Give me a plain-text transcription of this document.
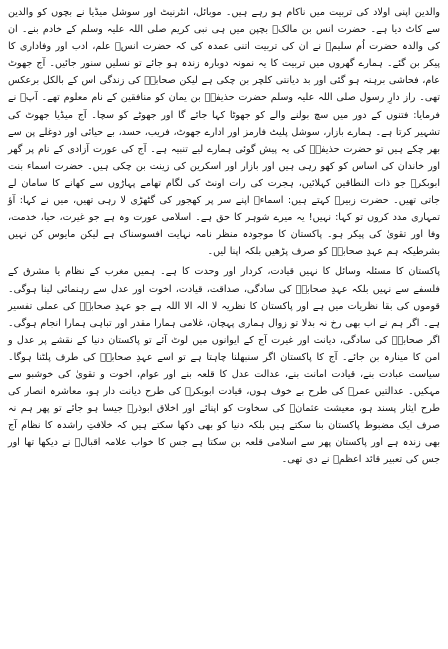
والدین اپنی اولاد کی تربیت میں ناکام ہو رہے ہیں۔ موبائل، انٹرنیٹ اور سوشل میڈیا نے بچوں کو والدین سے کاٹ دیا ہے۔ حضرت انس بن مالکؓ بچپن میں ہی نبی کریم صلی اللہ علیہ وسلم کے خادم بنے۔ ان کی والدہ حضرت اُم سلیمؓ نے ان کی تربیت اتنی عمدہ کی کہ حضرت انسؓ علم، ادب اور وفاداری کا پیکر بن گئے۔ ہمارے گھروں میں تربیت کا یہ نمونہ دوبارہ زندہ ہو جائے تو نسلیں سنور جائیں۔ آج جھوٹ عام، فحاشی برہنہ ہو گئی اور بد دیانتی کلچر بن چکی ہے لیکن صحابہؓ کی زندگی اس کے بالکل برعکس تھی۔ راز دارِ رسول صلی اللہ علیہ وسلم حضرت حذیفہؓ بن یمان کو منافقین کے نام معلوم تھے۔ آپؐ نے فرمایا: فتنوں کے دور میں سچ بولنے والے کو جھوٹا کہا جائے گا اور جھوٹے کو سچا۔ آج میڈیا جھوٹ کی تشہیر کرتا ہے۔ ہمارے بازار، سوشل پلیٹ فارمز اور ادارے جھوٹ، فریب، حسد، بے حیائی اور دوغلے پن سے بھر چکے ہیں تو حضرت حذیفہؓ کی یہ پیش گوئی ہمارے لیے تنبیہ ہے۔ آج کی عورت آزادی کے نام پر گھر اور خاندان کی اساس کو کھو رہی ہیں اور بازار اور اسکرین کی زینت بن چکی ہیں۔ حضرت اسماء بنت ابوبکرؓ جو ذات النطاقین کہلائیں، ہجرت کی رات اونٹ کی لگام تھامے پہاڑوں سے کھانے کا سامان لے جاتی تھیں۔ حضرت زبیرؓ کہتے ہیں: اسماءؓ اپنے سر پر کھجور کی گٹھڑی لا رہی تھیں، میں نے کہا: آؤ تمہاری مدد کروں تو کہا: نہیں! یہ میرے شوہر کا حق ہے۔ اسلامی عورت وہ ہے جو غیرت، حیا، خدمت، وفا اور تقویٰ کی پیکر ہو۔ پاکستان کا موجودہ منظر نامہ نہایت افسوسناک ہے لیکن مایوس کن نہیں بشرطیکہ ہم عہدِ صحابہؓ کو صرف پڑھیں بلکہ اپنا لیں۔

پاکستان کا مسئلہ وسائل کا نہیں قیادت، کردار اور وحدت کا ہے۔ ہمیں مغرب کے نظام یا مشرق کے فلسفے سے نہیں بلکہ عہدِ صحابہؓ کی سادگی، صداقت، قیادت، اخوت اور عدل سے رہنمائی لینا ہوگی۔ قوموں کی بقا نظریات میں ہے اور پاکستان کا نظریہ لا الہ الا اللہ ہے جو عہدِ صحابہؓ کی عملی تفسیر ہے۔ اگر ہم نے اب بھی رخ نہ بدلا تو زوال ہماری پہچان، غلامی ہمارا مقدر اور تباہی ہمارا انجام ہوگی۔ اگر صحابہؓ کی سادگی، دیانت اور غیرت آج کے ایوانوں میں لوٹ آئے تو پاکستان دنیا کے نقشے پر عدل و امن کا مینارہ بن جائے۔ آج کا پاکستان اگر سنبھلنا چاہتا ہے تو اسے عہدِ صحابہؓ کی طرف پلٹنا ہوگا۔ سیاست عبادت بنے، قیادت امانت بنے، عدالت عدل کا قلعہ بنے اور عوام، اخوت و تقویٰ کی خوشبو سے مہکیں۔ عدالتیں عمرؓ کی طرح بے خوف ہوں، قیادت ابوبکرؓ کی طرح دیانت دار ہو، معاشرہ انصار کی طرح ایثار پسند ہو، معیشت عثمانؓ کی سخاوت کو اپنائے اور اخلاق ابوذرؓ جیسا ہو جائے تو پھر ہم نہ صرف ایک مضبوط پاکستان بنا سکتے ہیں بلکہ دنیا کو بھی دکھا سکتے ہیں کہ خلافتِ راشدہ کا نظام آج بھی زندہ ہے اور پاکستان پھر سے اسلامی قلعہ بن سکتا ہے جس کا خواب علامہ اقبالؒ نے دیکھا تھا اور جس کی تعبیر قائد اعظمؒ نے دی تھی۔
